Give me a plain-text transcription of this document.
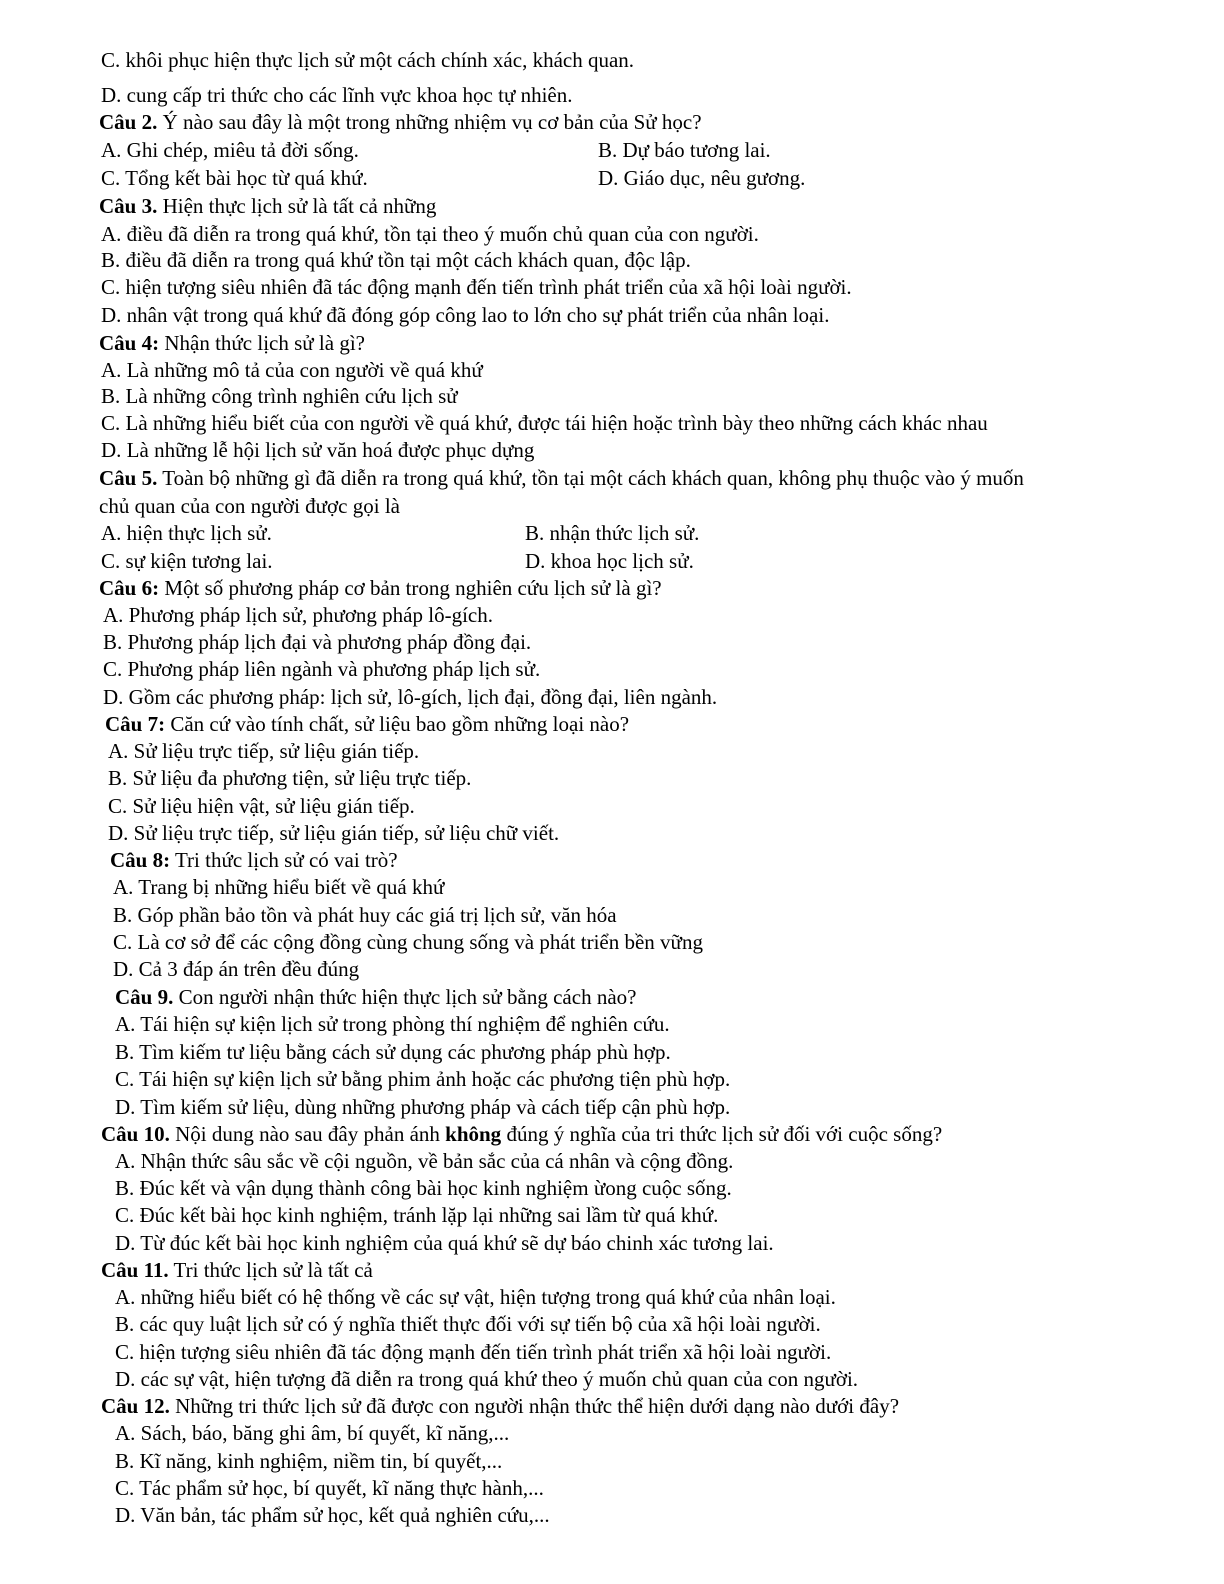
C. khôi phục hiện thực lịch sử một cách chính xác, khách quan.
D. cung cấp tri thức cho các lĩnh vực khoa học tự nhiên.
Câu 2. Ý nào sau đây là một trong những nhiệm vụ cơ bản của Sử học?
A. Ghi chép, miêu tả đời sống.	B. Dự báo tương lai.
C. Tổng kết bài học từ quá khứ.	D. Giáo dục, nêu gương.
Câu 3. Hiện thực lịch sử là tất cả những
A. điều đã diễn ra trong quá khứ, tồn tại theo ý muốn chủ quan của con người.
B. điều đã diễn ra trong quá khứ tồn tại một cách khách quan, độc lập.
C. hiện tượng siêu nhiên đã tác động mạnh đến tiến trình phát triển của xã hội loài người.
D. nhân vật trong quá khứ đã đóng góp công lao to lớn cho sự phát triển của nhân loại.
Câu 4: Nhận thức lịch sử là gì?
A. Là những mô tả của con người về quá khứ
B. Là những công trình nghiên cứu lịch sử
C. Là những hiểu biết của con người về quá khứ, được tái hiện hoặc trình bày theo những cách khác nhau
D. Là những lễ hội lịch sử văn hoá được phục dựng
Câu 5. Toàn bộ những gì đã diễn ra trong quá khứ, tồn tại một cách khách quan, không phụ thuộc vào ý muốn
chủ quan của con người được gọi là
A. hiện thực lịch sử.	B. nhận thức lịch sử.
C. sự kiện tương lai.	D. khoa học lịch sử.
Câu 6: Một số phương pháp cơ bản trong nghiên cứu lịch sử là gì?
A. Phương pháp lịch sử, phương pháp lô-gích.
B. Phương pháp lịch đại và phương pháp đồng đại.
C. Phương pháp liên ngành và phương pháp lịch sử.
D. Gồm các phương pháp: lịch sử, lô-gích, lịch đại, đồng đại, liên ngành.
Câu 7: Căn cứ vào tính chất, sử liệu bao gồm những loại nào?
A. Sử liệu trực tiếp, sử liệu gián tiếp.
B. Sử liệu đa phương tiện, sử liệu trực tiếp.
C. Sử liệu hiện vật, sử liệu gián tiếp.
D. Sử liệu trực tiếp, sử liệu gián tiếp, sử liệu chữ viết.
Câu 8: Tri thức lịch sử có vai trò?
A. Trang bị những hiểu biết về quá khứ
B. Góp phần bảo tồn và phát huy các giá trị lịch sử, văn hóa
C. Là cơ sở để các cộng đồng cùng chung sống và phát triển bền vững
D. Cả 3 đáp án trên đều đúng
Câu 9. Con người nhận thức hiện thực lịch sử bằng cách nào?
A. Tái hiện sự kiện lịch sử trong phòng thí nghiệm để nghiên cứu.
B. Tìm kiếm tư liệu bằng cách sử dụng các phương pháp phù hợp.
C. Tái hiện sự kiện lịch sử bằng phim ảnh hoặc các phương tiện phù hợp.
D. Tìm kiếm sử liệu, dùng những phương pháp và cách tiếp cận phù hợp.
Câu 10. Nội dung nào sau đây phản ánh không đúng ý nghĩa của tri thức lịch sử đối với cuộc sống?
A. Nhận thức sâu sắc về cội nguồn, về bản sắc của cá nhân và cộng đồng.
B. Đúc kết và vận dụng thành công bài học kinh nghiệm ừong cuộc sống.
C. Đúc kết bài học kinh nghiệm, tránh lặp lại những sai lầm từ quá khứ.
D. Từ đúc kết bài học kinh nghiệm của quá khứ sẽ dự báo chinh xác tương lai.
Câu 11. Tri thức lịch sử là tất cả
A. những hiểu biết có hệ thống về các sự vật, hiện tượng trong quá khứ của nhân loại.
B. các quy luật lịch sử có ý nghĩa thiết thực đối với sự tiến bộ của xã hội loài người.
C. hiện tượng siêu nhiên đã tác động mạnh đến tiến trình phát triển xã hội loài người.
D. các sự vật, hiện tượng đã diễn ra trong quá khứ theo ý muốn chủ quan của con người.
Câu 12. Những tri thức lịch sử đã được con người nhận thức thể hiện dưới dạng nào dưới đây?
A. Sách, báo, băng ghi âm, bí quyết, kĩ năng,...
B. Kĩ năng, kinh nghiệm, niềm tin, bí quyết,...
C. Tác phẩm sử học, bí quyết, kĩ năng thực hành,...
D. Văn bản, tác phẩm sử học, kết quả nghiên cứu,...
